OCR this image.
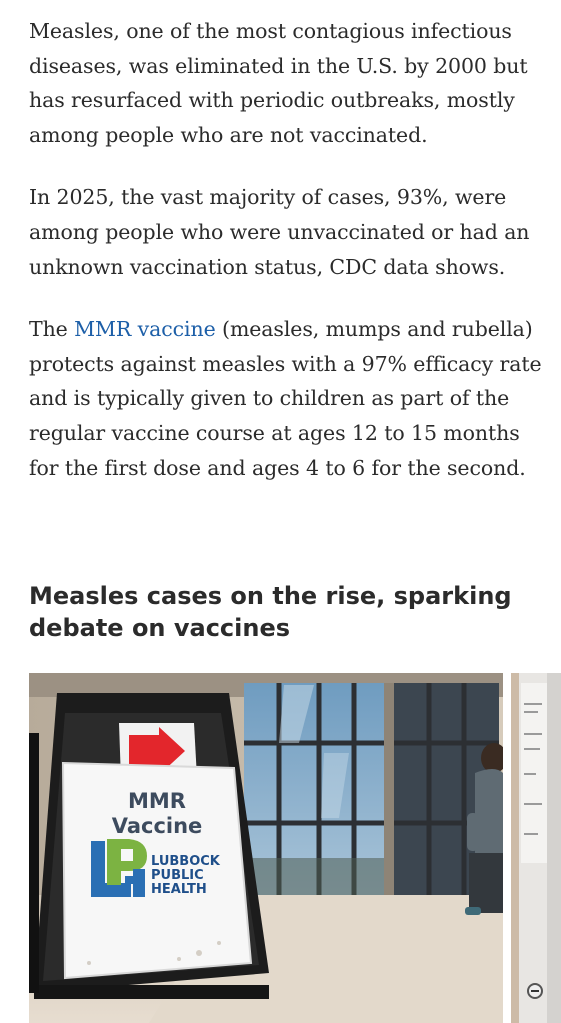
Measles, one of the most contagious infectious diseases, was eliminated in the U.S. by 2000 but has resurfaced with periodic outbreaks, mostly among people who are not vaccinated.

In 2025, the vast majority of cases, 93%, were among people who were unvaccinated or had an unknown vaccination status, CDC data shows.

The MMR vaccine (measles, mumps and rubella) protects against measles with a 97% efficacy rate and is typically given to children as part of the regular vaccine course at ages 12 to 15 months for the first dose and ages 4 to 6 for the second.

Measles cases on the rise, sparking debate on vaccines
MMR
Vaccine
LUBBOCK
PUBLIC
HEALTH
